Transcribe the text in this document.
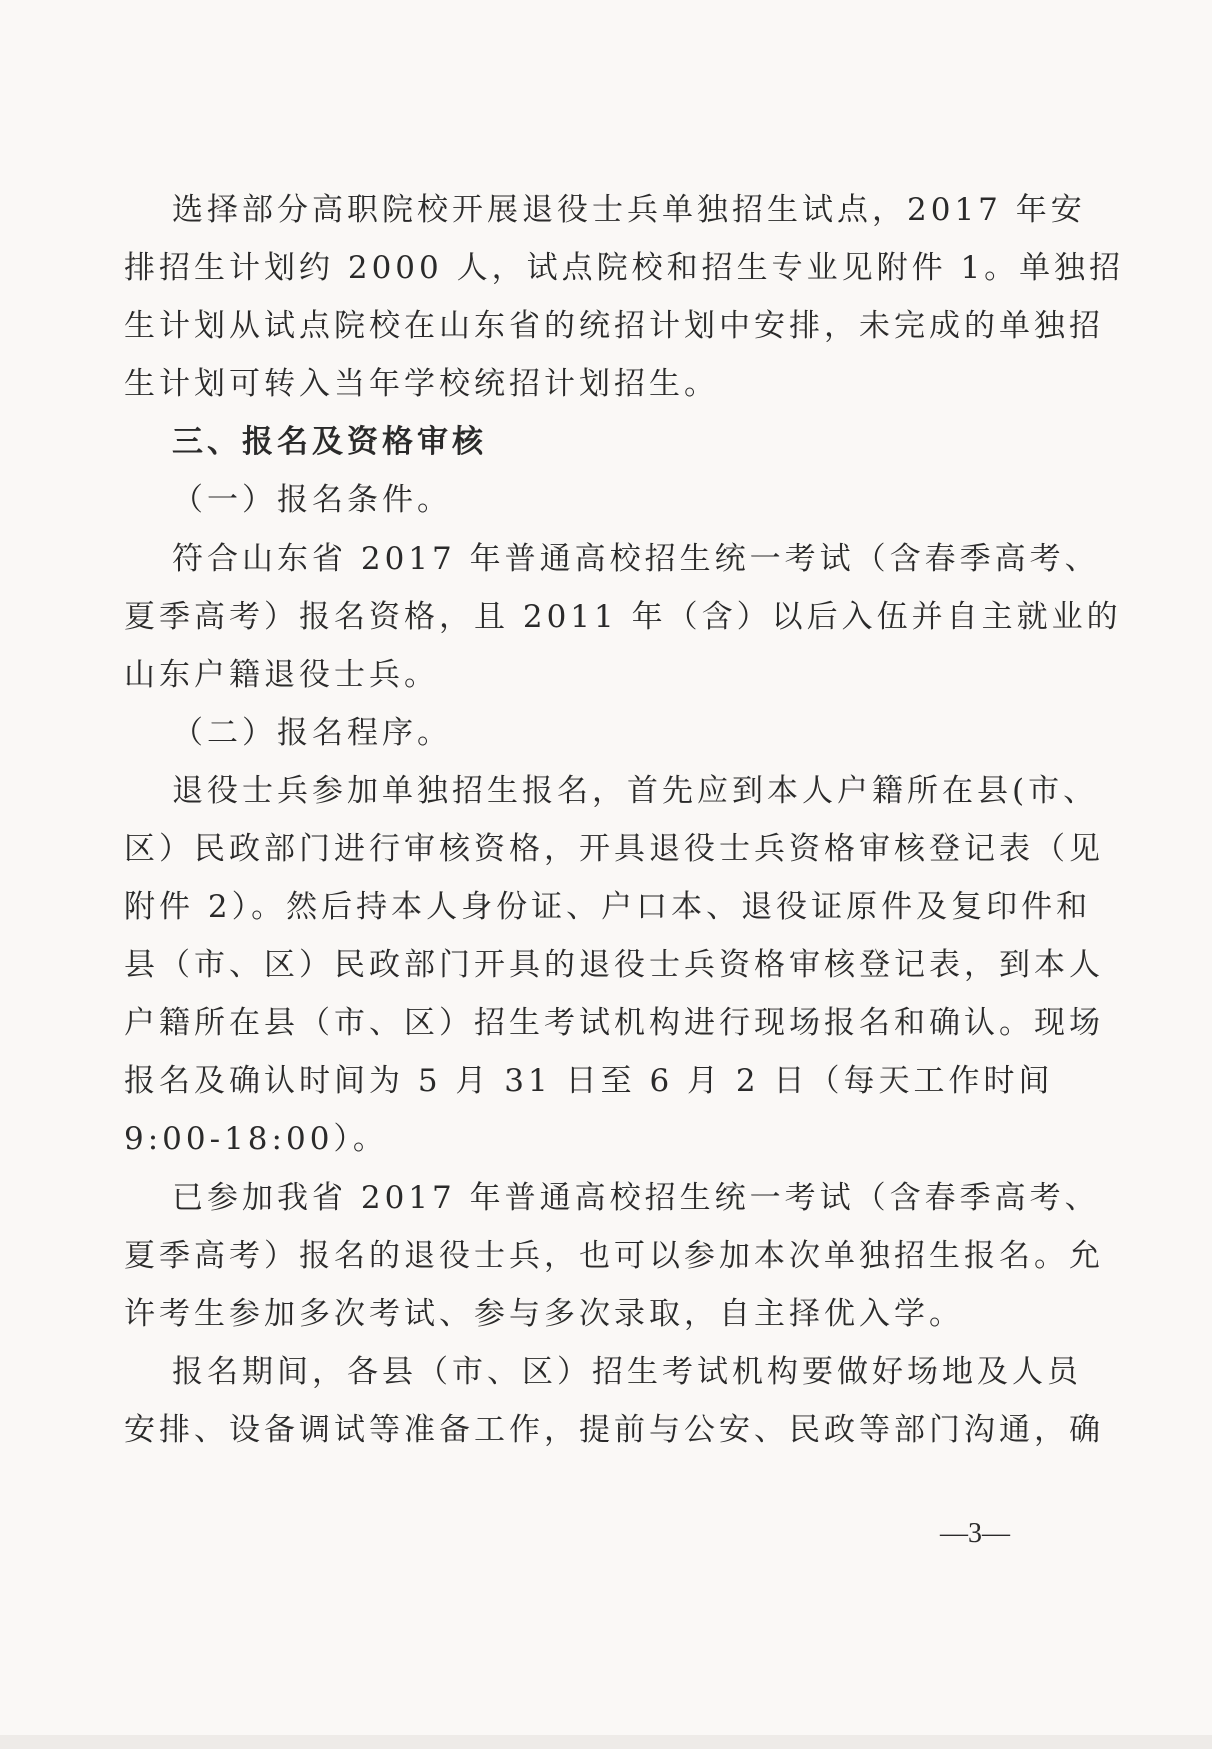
选择部分高职院校开展退役士兵单独招生试点，2017 年安
排招生计划约 2000 人，试点院校和招生专业见附件 1。单独招
生计划从试点院校在山东省的统招计划中安排，未完成的单独招
生计划可转入当年学校统招计划招生。
三、报名及资格审核
（一）报名条件。
符合山东省 2017 年普通高校招生统一考试（含春季高考、
夏季高考）报名资格，且 2011 年（含）以后入伍并自主就业的
山东户籍退役士兵。
（二）报名程序。
退役士兵参加单独招生报名，首先应到本人户籍所在县(市、
区）民政部门进行审核资格，开具退役士兵资格审核登记表（见
附件 2）。然后持本人身份证、户口本、退役证原件及复印件和
县（市、区）民政部门开具的退役士兵资格审核登记表，到本人
户籍所在县（市、区）招生考试机构进行现场报名和确认。现场
报名及确认时间为 5 月 31 日至 6 月 2 日（每天工作时间
9:00-18:00）。
已参加我省 2017 年普通高校招生统一考试（含春季高考、
夏季高考）报名的退役士兵，也可以参加本次单独招生报名。允
许考生参加多次考试、参与多次录取，自主择优入学。
报名期间，各县（市、区）招生考试机构要做好场地及人员
安排、设备调试等准备工作，提前与公安、民政等部门沟通，确
—3—
